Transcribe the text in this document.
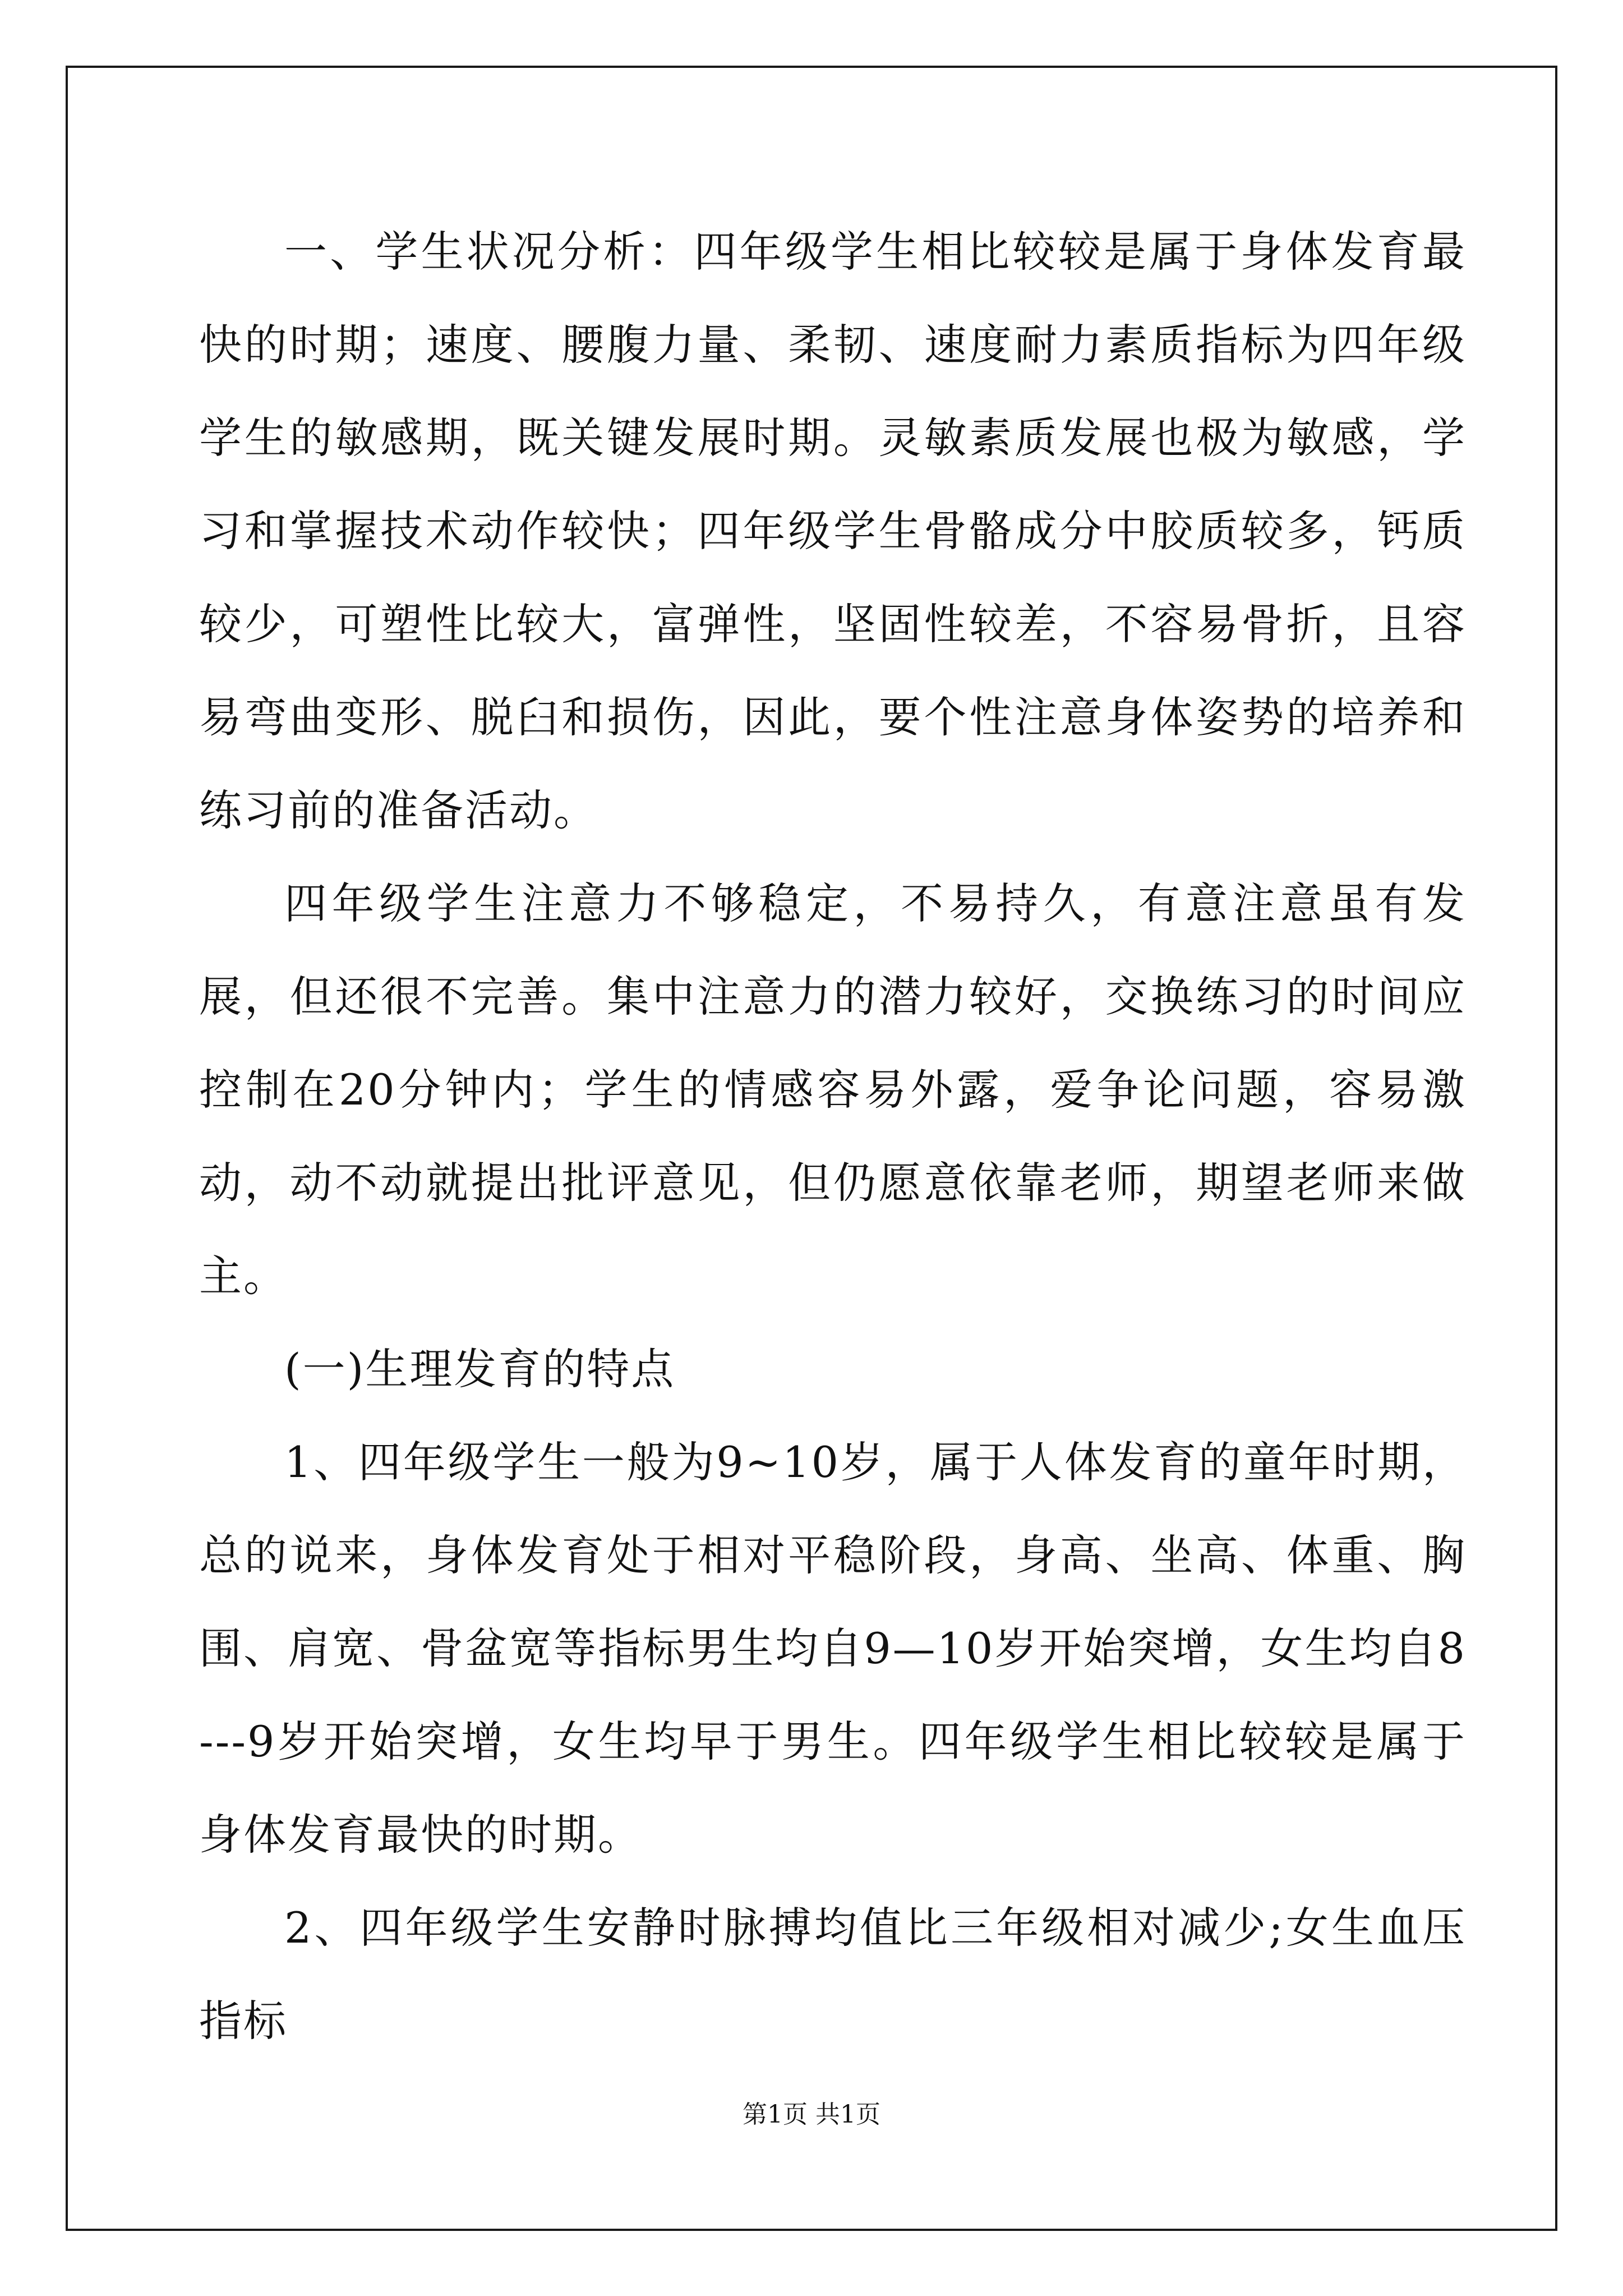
一、学生状况分析：四年级学生相比较较是属于身体发育最快的时期；速度、腰腹力量、柔韧、速度耐力素质指标为四年级学生的敏感期，既关键发展时期。灵敏素质发展也极为敏感，学习和掌握技术动作较快；四年级学生骨骼成分中胶质较多，钙质较少，可塑性比较大，富弹性，坚固性较差，不容易骨折，且容易弯曲变形、脱臼和损伤，因此，要个性注意身体姿势的培养和练习前的准备活动。

四年级学生注意力不够稳定，不易持久，有意注意虽有发展，但还很不完善。集中注意力的潜力较好，交换练习的时间应控制在20分钟内；学生的情感容易外露，爱争论问题，容易激动，动不动就提出批评意见，但仍愿意依靠老师，期望老师来做主。

(一)生理发育的特点

1、四年级学生一般为9~10岁，属于人体发育的童年时期，总的说来，身体发育处于相对平稳阶段，身高、坐高、体重、胸围、肩宽、骨盆宽等指标男生均自9—10岁开始突增，女生均自8---9岁开始突增，女生均早于男生。四年级学生相比较较是属于身体发育最快的时期。

2、四年级学生安静时脉搏均值比三年级相对减少;女生血压指标

第1页 共1页
